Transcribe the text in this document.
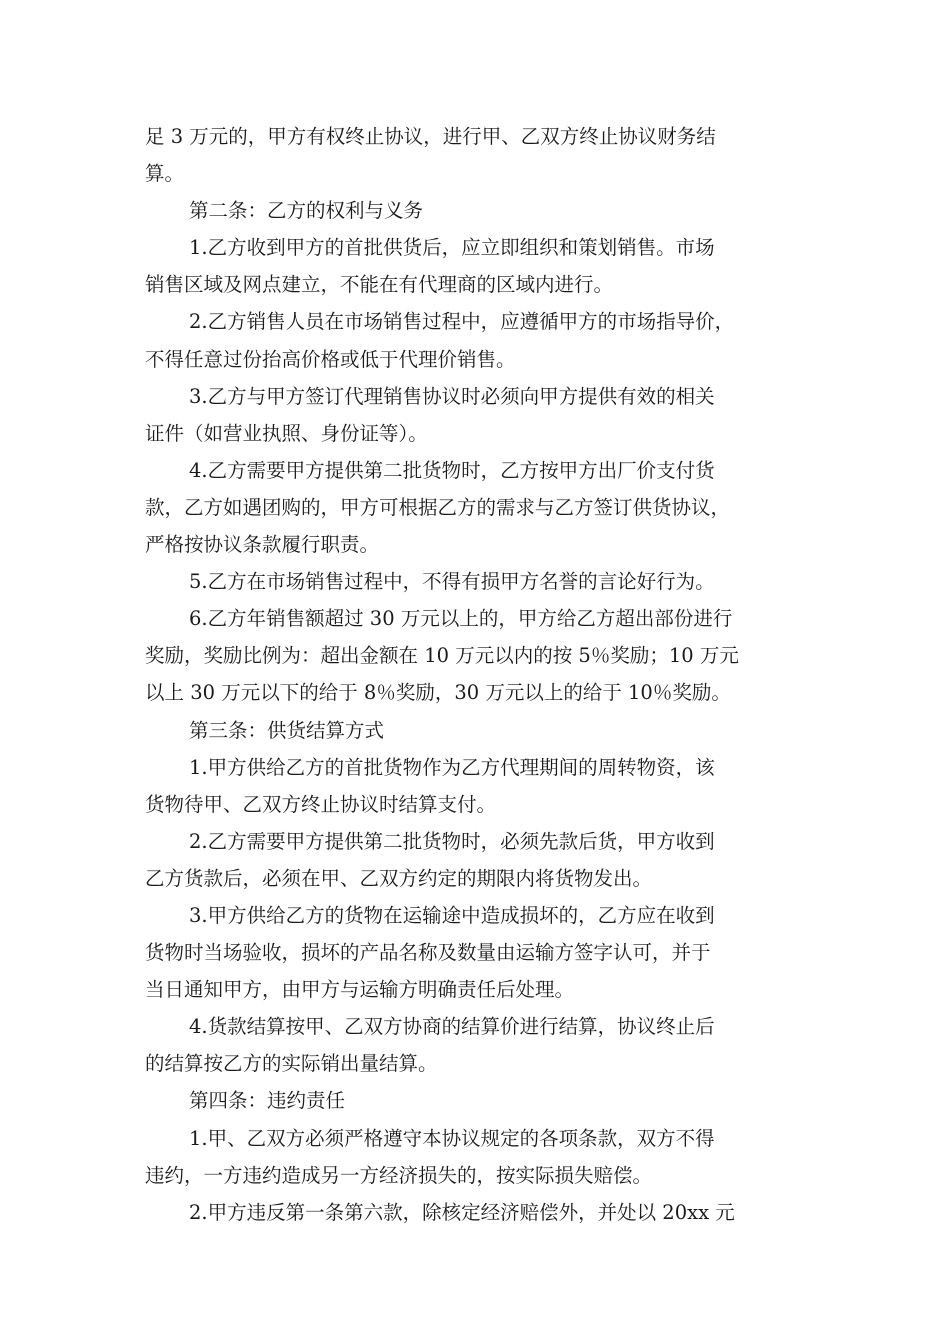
足 3 万元的，甲方有权终止协议，进行甲、乙双方终止协议财务结
算。
第二条：乙方的权利与义务
1.乙方收到甲方的首批供货后，应立即组织和策划销售。市场
销售区域及网点建立，不能在有代理商的区域内进行。
2.乙方销售人员在市场销售过程中，应遵循甲方的市场指导价，
不得任意过份抬高价格或低于代理价销售。
3.乙方与甲方签订代理销售协议时必须向甲方提供有效的相关
证件（如营业执照、身份证等）。
4.乙方需要甲方提供第二批货物时，乙方按甲方出厂价支付货
款，乙方如遇团购的，甲方可根据乙方的需求与乙方签订供货协议，
严格按协议条款履行职责。
5.乙方在市场销售过程中，不得有损甲方名誉的言论好行为。
6.乙方年销售额超过 30 万元以上的，甲方给乙方超出部份进行
奖励，奖励比例为：超出金额在 10 万元以内的按 5％奖励；10 万元
以上 30 万元以下的给于 8％奖励，30 万元以上的给于 10％奖励。
第三条：供货结算方式
1.甲方供给乙方的首批货物作为乙方代理期间的周转物资，该
货物待甲、乙双方终止协议时结算支付。
2.乙方需要甲方提供第二批货物时，必须先款后货，甲方收到
乙方货款后，必须在甲、乙双方约定的期限内将货物发出。
3.甲方供给乙方的货物在运输途中造成损坏的，乙方应在收到
货物时当场验收，损坏的产品名称及数量由运输方签字认可，并于
当日通知甲方，由甲方与运输方明确责任后处理。
4.货款结算按甲、乙双方协商的结算价进行结算，协议终止后
的结算按乙方的实际销出量结算。
第四条：违约责任
1.甲、乙双方必须严格遵守本协议规定的各项条款，双方不得
违约，一方违约造成另一方经济损失的，按实际损失赔偿。
2.甲方违反第一条第六款，除核定经济赔偿外，并处以 20xx 元
